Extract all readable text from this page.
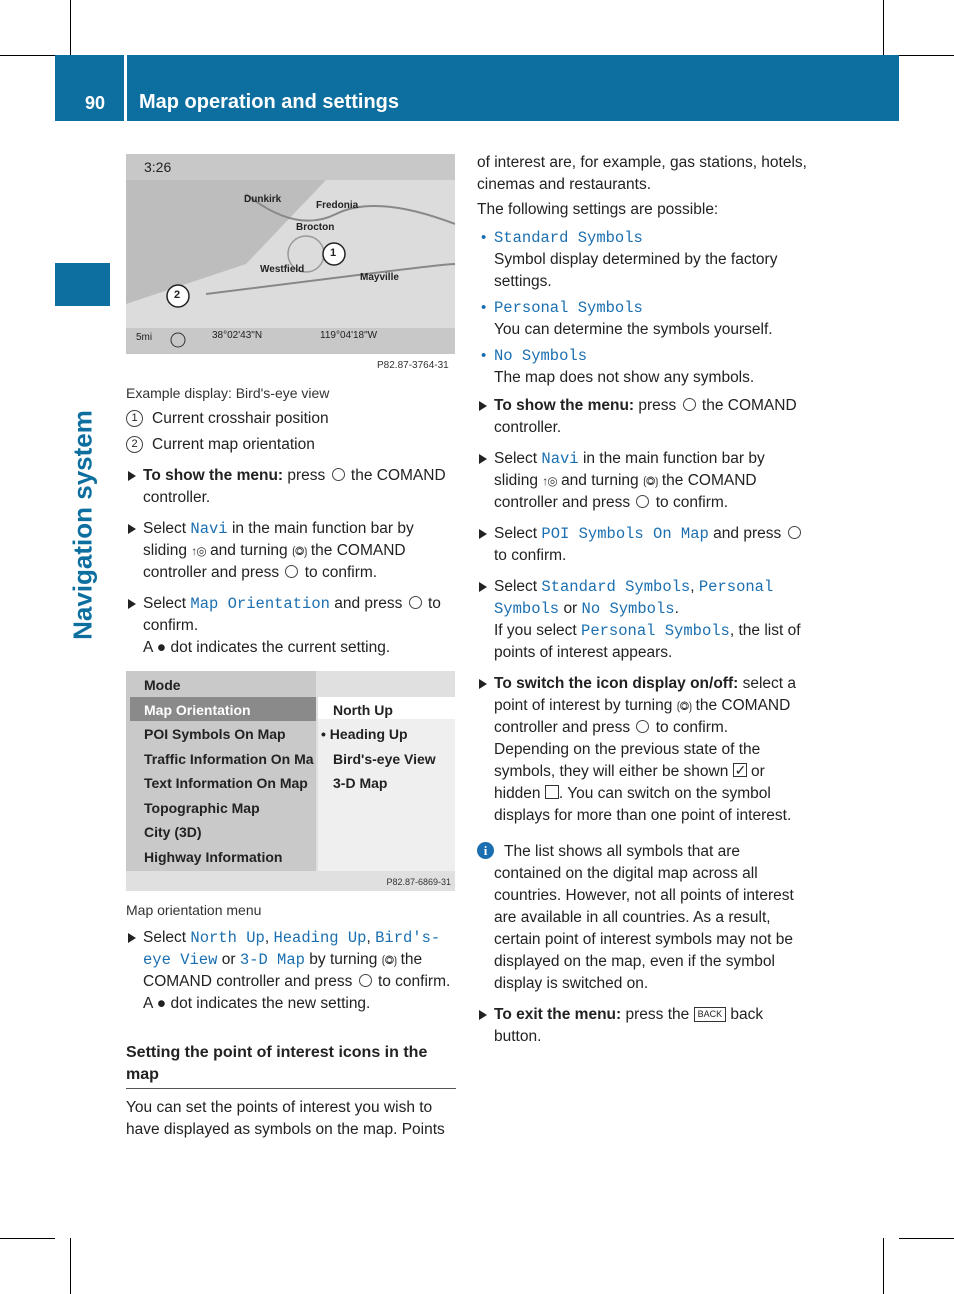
90 Map operation and settings
Navigation system
3:26
Dunkirk
Fredonia
Brocton
Westfield
Mayville
1
2
5mi	38°02'43"N	119°04'18"W
P82.87-3764-31

Example display: Bird's-eye view

1 Current crosshair position
2 Current map orientation
To show the menu: press the COMAND controller.
Select Navi in the main function bar by sliding ↑◎ and turning ⟮◎⟯ the COMAND controller and press to confirm.
Select Map Orientation and press to confirm.

A ● dot indicates the current setting.

Mode
Map Orientation
POI Symbols On Map
Traffic Information On Ma
Text Information On Map
Topographic Map
City (3D)
Highway Information
North Up
• Heading Up
Bird's-eye View
3-D Map
P82.87-6869-31

Map orientation menu

Select North Up, Heading Up, Bird's-eye View or 3-D Map by turning ⟮◎⟯ the COMAND controller and press to confirm.

A ● dot indicates the new setting.

Setting the point of interest icons in the map

You can set the points of interest you wish to have displayed as symbols on the map. Points

of interest are, for example, gas stations, hotels, cinemas and restaurants.

The following settings are possible:

• Standard Symbols

Symbol display determined by the factory settings.

• Personal Symbols

You can determine the symbols yourself.

• No Symbols

The map does not show any symbols.

To show the menu: press the COMAND controller.
Select Navi in the main function bar by sliding ↑◎ and turning ⟮◎⟯ the COMAND controller and press to confirm.
Select POI Symbols On Map and press  to confirm.
Select Standard Symbols, Personal Symbols or No Symbols.
If you select Personal Symbols, the list of points of interest appears.
To switch the icon display on/off: select a point of interest by turning ⟮◎⟯ the COMAND controller and press to confirm.
Depending on the previous state of the symbols, they will either be shown ✓ or hidden . You can switch on the symbol displays for more than one point of interest.
i	The list shows all symbols that are contained on the digital map across all countries. However, not all points of interest are available in all countries. As a result, certain point of interest symbols may not be displayed on the map, even if the symbol display is switched on.
To exit the menu: press the BACK back button.
